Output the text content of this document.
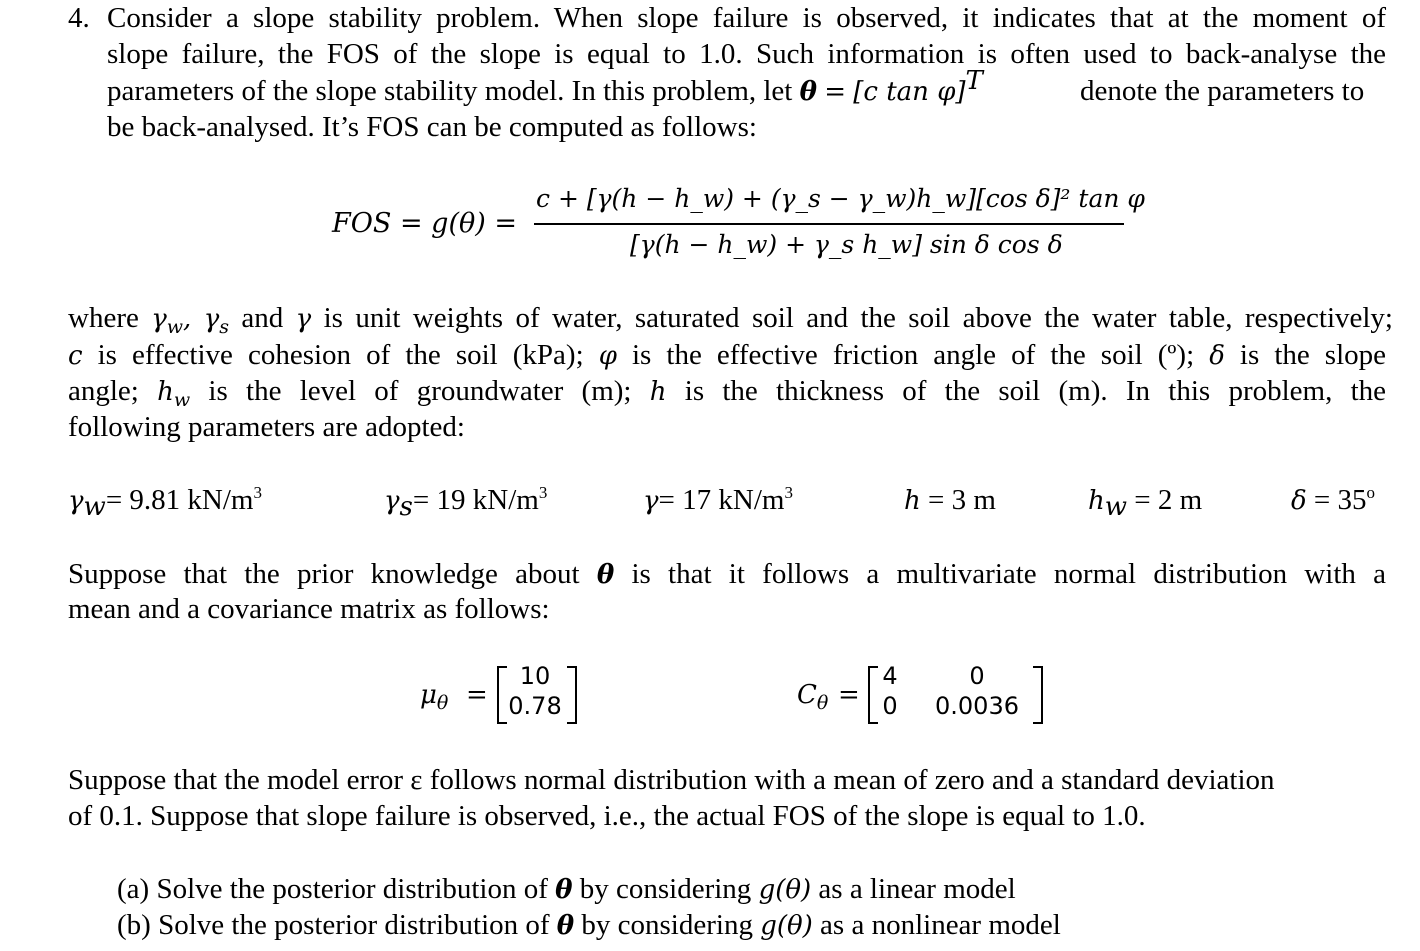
4. Consider a slope stability problem. When slope failure is observed, it indicates that at the moment of
slope failure, the FOS of the slope is equal to 1.0. Such information is often used to back-analyse the
parameters of the slope stability model. In this problem, let θ = [c tan φ]$^T$	denote the parameters to
be back-analysed. It’s FOS can be computed as follows:
FOS = g(θ) =
c + [γ(h − h_w) + (γ_s − γ_w)h_w][cos δ]² tan φ
[γ(h − h_w) + γ_s h_w] sin δ cos δ
where $\gamma_w$, $\gamma_s$ and γ is unit weights of water, saturated soil and the soil above the water table, respectively;
c is effective cohesion of the soil (kPa); φ is the effective friction angle of the soil (º); δ is the slope
angle; $h_w$ is the level of groundwater (m); h is the thickness of the soil (m). In this problem, the
following parameters are adopted:
$\gamma_w= 9.81$ $kN/m^3$	$\gamma_s= 19$ $kN/m^3$	γ= 17 $kN/m^3$	h = 3 m	$h_w = 2$ m	$\delta = 35^o$
Suppose that the prior knowledge about θ is that it follows a multivariate normal distribution with a
mean and a covariance matrix as follows:
$\mu_\theta$ =
10
0.78	$C_\theta$ =
4	0
0	0.0036
Suppose that the model error ε follows normal distribution with a mean of zero and a standard deviation
of 0.1. Suppose that slope failure is observed, i.e., the actual FOS of the slope is equal to 1.0.
(a) Solve the posterior distribution of θ by considering g(θ) as a linear model
(b) Solve the posterior distribution of θ by considering g(θ) as a nonlinear model
